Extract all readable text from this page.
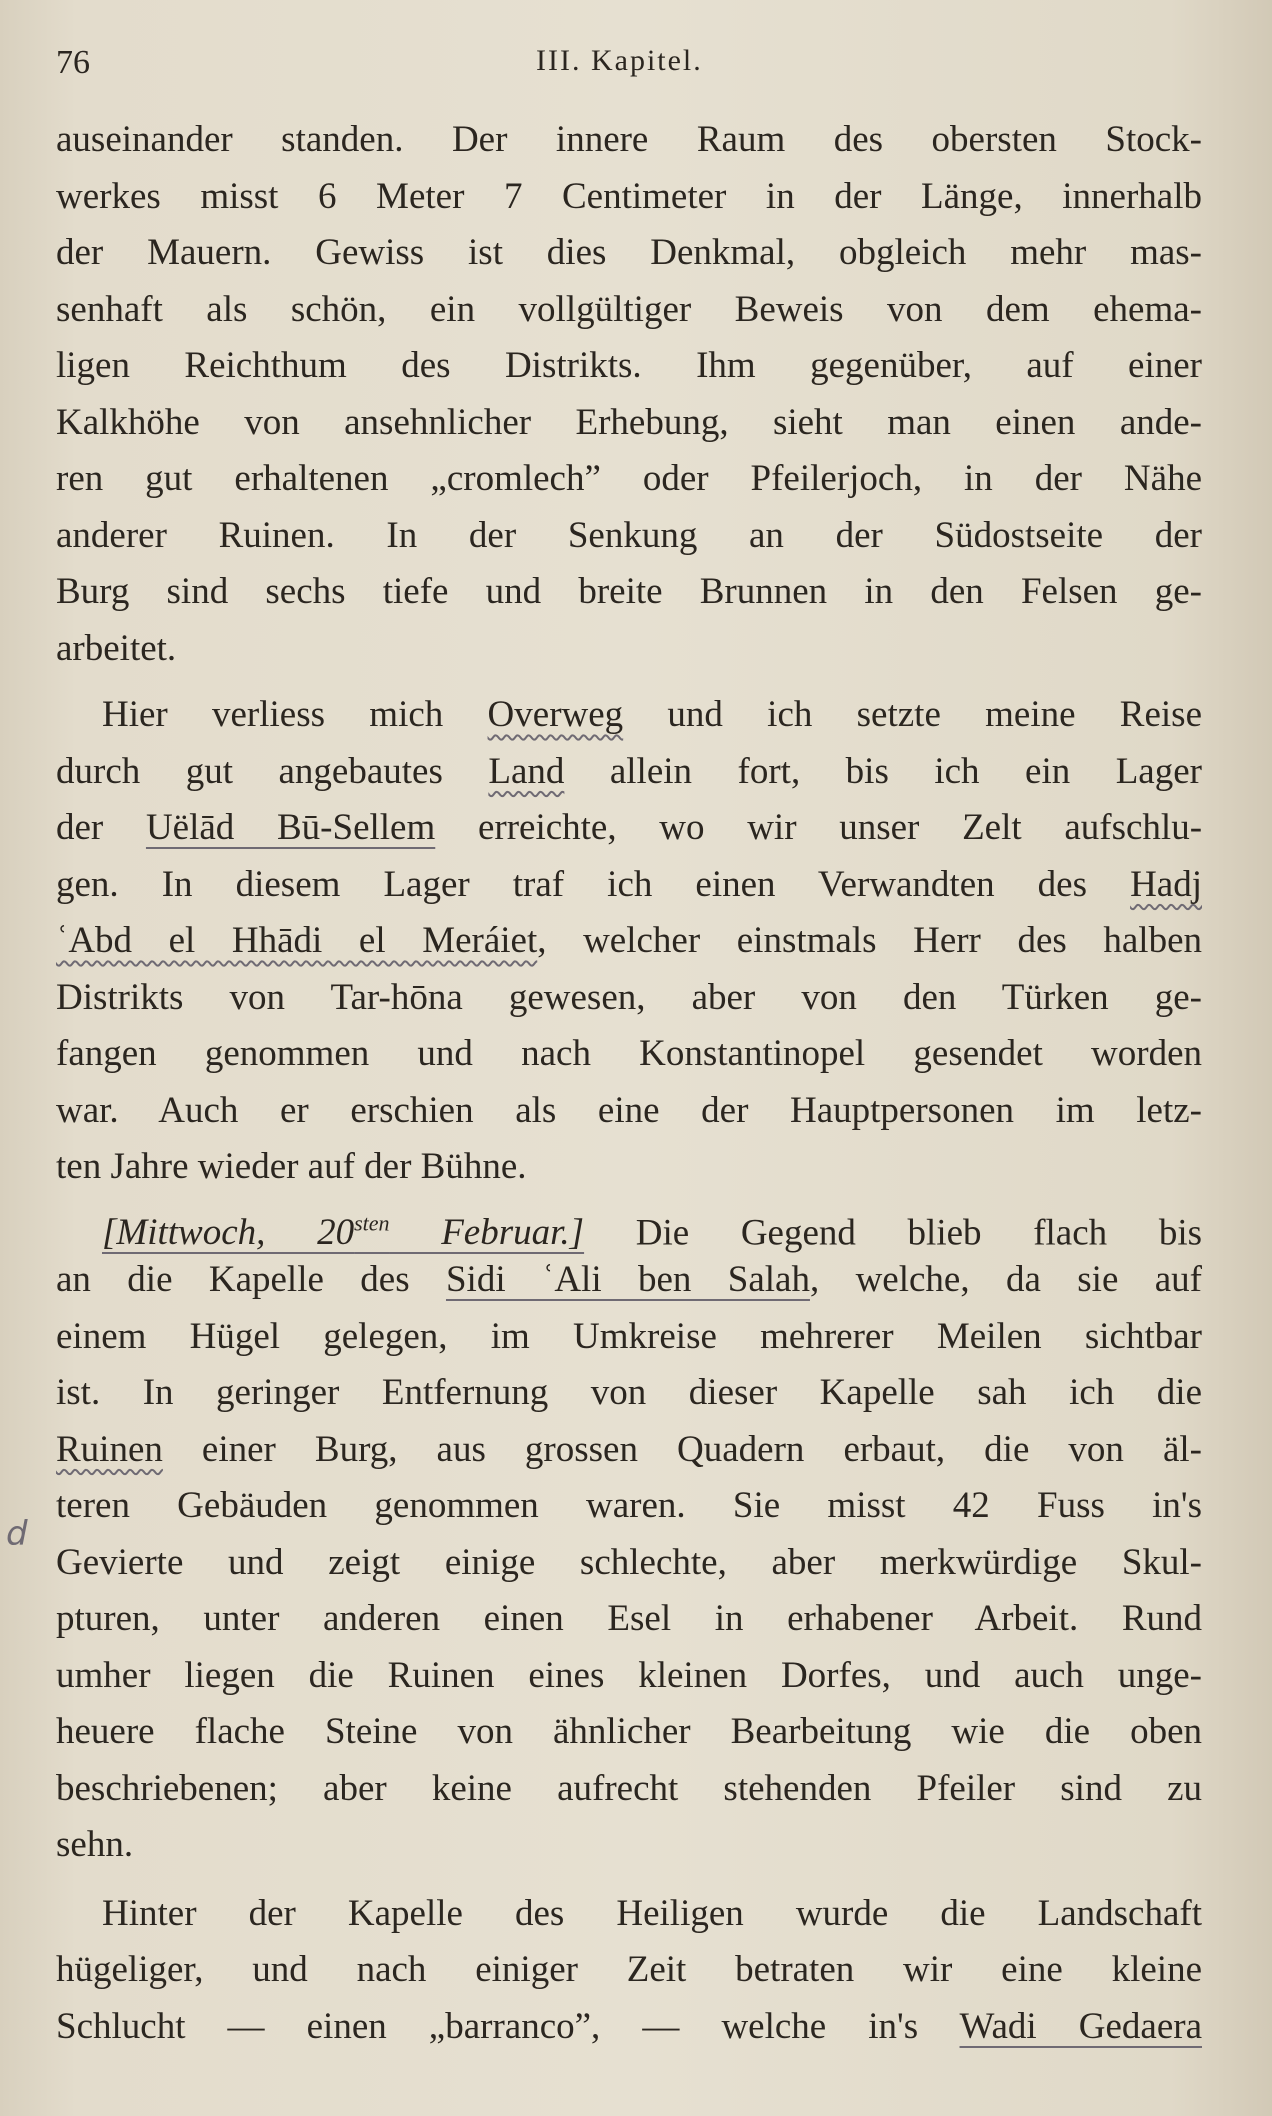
76	III. Kapitel.
d
auseinander standen. Der innere Raum des obersten Stock-
werkes misst 6 Meter 7 Centimeter in der Länge, innerhalb
der Mauern. Gewiss ist dies Denkmal, obgleich mehr mas-
senhaft als schön, ein vollgültiger Beweis von dem ehema-
ligen Reichthum des Distrikts. Ihm gegenüber, auf einer
Kalkhöhe von ansehnlicher Erhebung, sieht man einen ande-
ren gut erhaltenen „cromlech” oder Pfeilerjoch, in der Nähe
anderer Ruinen. In der Senkung an der Südostseite der
Burg sind sechs tiefe und breite Brunnen in den Felsen ge-
arbeitet.
Hier verliess mich Overweg und ich setzte meine Reise
durch gut angebautes Land allein fort, bis ich ein Lager
der Uëlād Bū-Sellem erreichte, wo wir unser Zelt aufschlu-
gen. In diesem Lager traf ich einen Verwandten des Hadj
ʿAbd el Hhādi el Meráiet, welcher einstmals Herr des halben
Distrikts von Tar-hōna gewesen, aber von den Türken ge-
fangen genommen und nach Konstantinopel gesendet worden
war. Auch er erschien als eine der Hauptpersonen im letz-
ten Jahre wieder auf der Bühne.
[Mittwoch, $20^{sten}$ Februar.] Die Gegend blieb flach bis
an die Kapelle des Sidi ʿAli ben Salah, welche, da sie auf
einem Hügel gelegen, im Umkreise mehrerer Meilen sichtbar
ist. In geringer Entfernung von dieser Kapelle sah ich die
Ruinen einer Burg, aus grossen Quadern erbaut, die von äl-
teren Gebäuden genommen waren. Sie misst 42 Fuss in's
Gevierte und zeigt einige schlechte, aber merkwürdige Skul-
pturen, unter anderen einen Esel in erhabener Arbeit. Rund
umher liegen die Ruinen eines kleinen Dorfes, und auch unge-
heuere flache Steine von ähnlicher Bearbeitung wie die oben
beschriebenen; aber keine aufrecht stehenden Pfeiler sind zu
sehn.
Hinter der Kapelle des Heiligen wurde die Landschaft
hügeliger, und nach einiger Zeit betraten wir eine kleine
Schlucht — einen „barranco”, — welche in's Wadi Gedaera
